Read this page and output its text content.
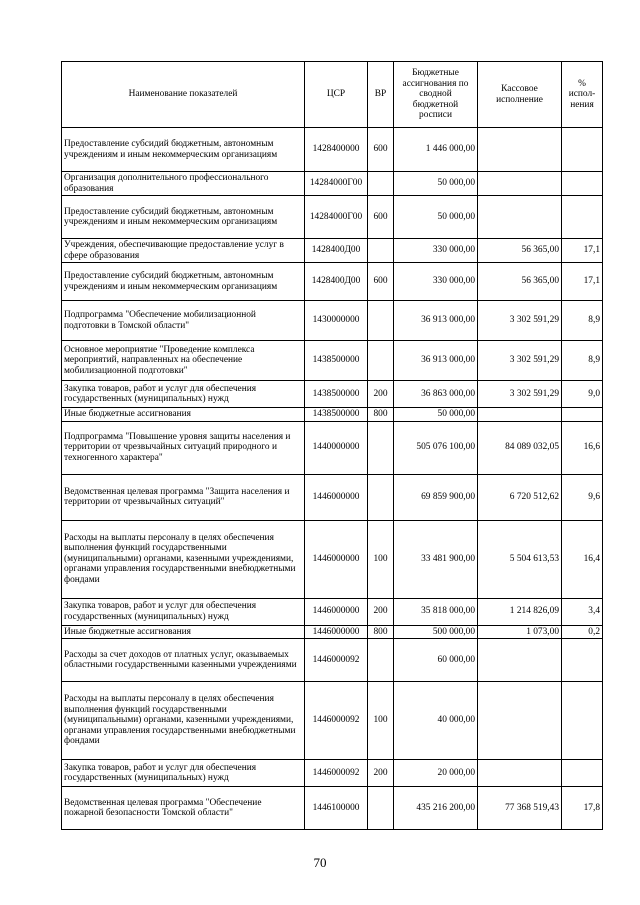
Наименование показателей	ЦСР	ВР	Бюджетные ассигнования по сводной бюджетной росписи	Кассовое исполнение	% испол-нения
Предоставление субсидий бюджетным, автономным учреждениям и иным некоммерческим организациям	1428400000	600	1 446 000,00		
Организация дополнительного профессионального образования	14284000Г00		50 000,00		
Предоставление субсидий бюджетным, автономным учреждениям и иным некоммерческим организациям	14284000Г00	600	50 000,00		
Учреждения, обеспечивающие предоставление услуг в сфере образования	1428400Д00		330 000,00	56 365,00	17,1
Предоставление субсидий бюджетным, автономным учреждениям и иным некоммерческим организациям	1428400Д00	600	330 000,00	56 365,00	17,1
Подпрограмма "Обеспечение мобилизационной подготовки в Томской области"	1430000000		36 913 000,00	3 302 591,29	8,9
Основное мероприятие "Проведение комплекса мероприятий, направленных на обеспечение мобилизационной подготовки"	1438500000		36 913 000,00	3 302 591,29	8,9
Закупка товаров, работ и услуг для обеспечения государственных (муниципальных) нужд	1438500000	200	36 863 000,00	3 302 591,29	9,0
Иные бюджетные ассигнования	1438500000	800	50 000,00		
Подпрограмма "Повышение уровня защиты населения и территории от чрезвычайных ситуаций природного и техногенного характера"	1440000000		505 076 100,00	84 089 032,05	16,6
Ведомственная целевая программа "Защита населения и территории от чрезвычайных ситуаций"	1446000000		69 859 900,00	6 720 512,62	9,6
Расходы на выплаты персоналу в целях обеспечения выполнения функций государственными (муниципальными) органами, казенными учреждениями, органами управления государственными внебюджетными фондами	1446000000	100	33 481 900,00	5 504 613,53	16,4
Закупка товаров, работ и услуг для обеспечения государственных (муниципальных) нужд	1446000000	200	35 818 000,00	1 214 826,09	3,4
Иные бюджетные ассигнования	1446000000	800	500 000,00	1 073,00	0,2
Расходы за счет доходов от платных услуг, оказываемых областными государственными казенными учреждениями	1446000092		60 000,00		
Расходы на выплаты персоналу в целях обеспечения выполнения функций государственными (муниципальными) органами, казенными учреждениями, органами управления государственными внебюджетными фондами	1446000092	100	40 000,00		
Закупка товаров, работ и услуг для обеспечения государственных (муниципальных) нужд	1446000092	200	20 000,00		
Ведомственная целевая программа "Обеспечение пожарной безопасности Томской области"	1446100000		435 216 200,00	77 368 519,43	17,8
70
